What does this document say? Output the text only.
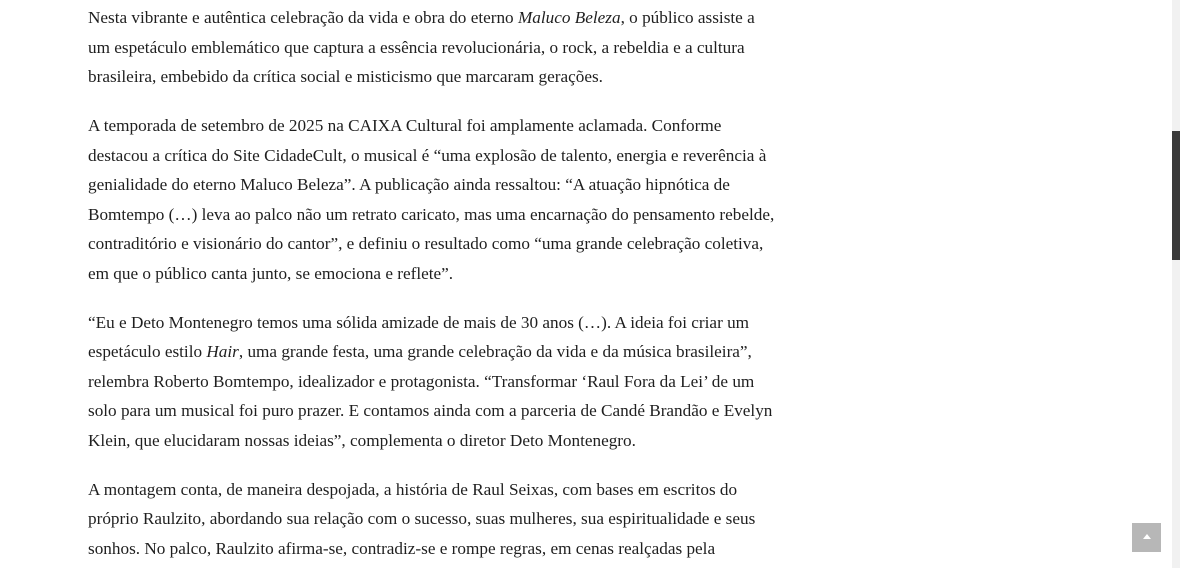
Nesta vibrante e autêntica celebração da vida e obra do eterno Maluco Beleza, o público assiste a
um espetáculo emblemático que captura a essência revolucionária, o rock, a rebeldia e a cultura
brasileira, embebido da crítica social e misticismo que marcaram gerações.

A temporada de setembro de 2025 na CAIXA Cultural foi amplamente aclamada. Conforme
destacou a crítica do Site CidadeCult, o musical é “uma explosão de talento, energia e reverência à
genialidade do eterno Maluco Beleza”. A publicação ainda ressaltou: “A atuação hipnótica de
Bomtempo (…) leva ao palco não um retrato caricato, mas uma encarnação do pensamento rebelde,
contraditório e visionário do cantor”, e definiu o resultado como “uma grande celebração coletiva,
em que o público canta junto, se emociona e reflete”.

“Eu e Deto Montenegro temos uma sólida amizade de mais de 30 anos (…). A ideia foi criar um
espetáculo estilo Hair, uma grande festa, uma grande celebração da vida e da música brasileira”,
relembra Roberto Bomtempo, idealizador e protagonista. “Transformar ‘Raul Fora da Lei’ de um
solo para um musical foi puro prazer. E contamos ainda com a parceria de Candé Brandão e Evelyn
Klein, que elucidaram nossas ideias”, complementa o diretor Deto Montenegro.

A montagem conta, de maneira despojada, a história de Raul Seixas, com bases em escritos do
próprio Raulzito, abordando sua relação com o sucesso, suas mulheres, sua espiritualidade e seus
sonhos. No palco, Raulzito afirma-se, contradiz-se e rompe regras, em cenas realçadas pela
